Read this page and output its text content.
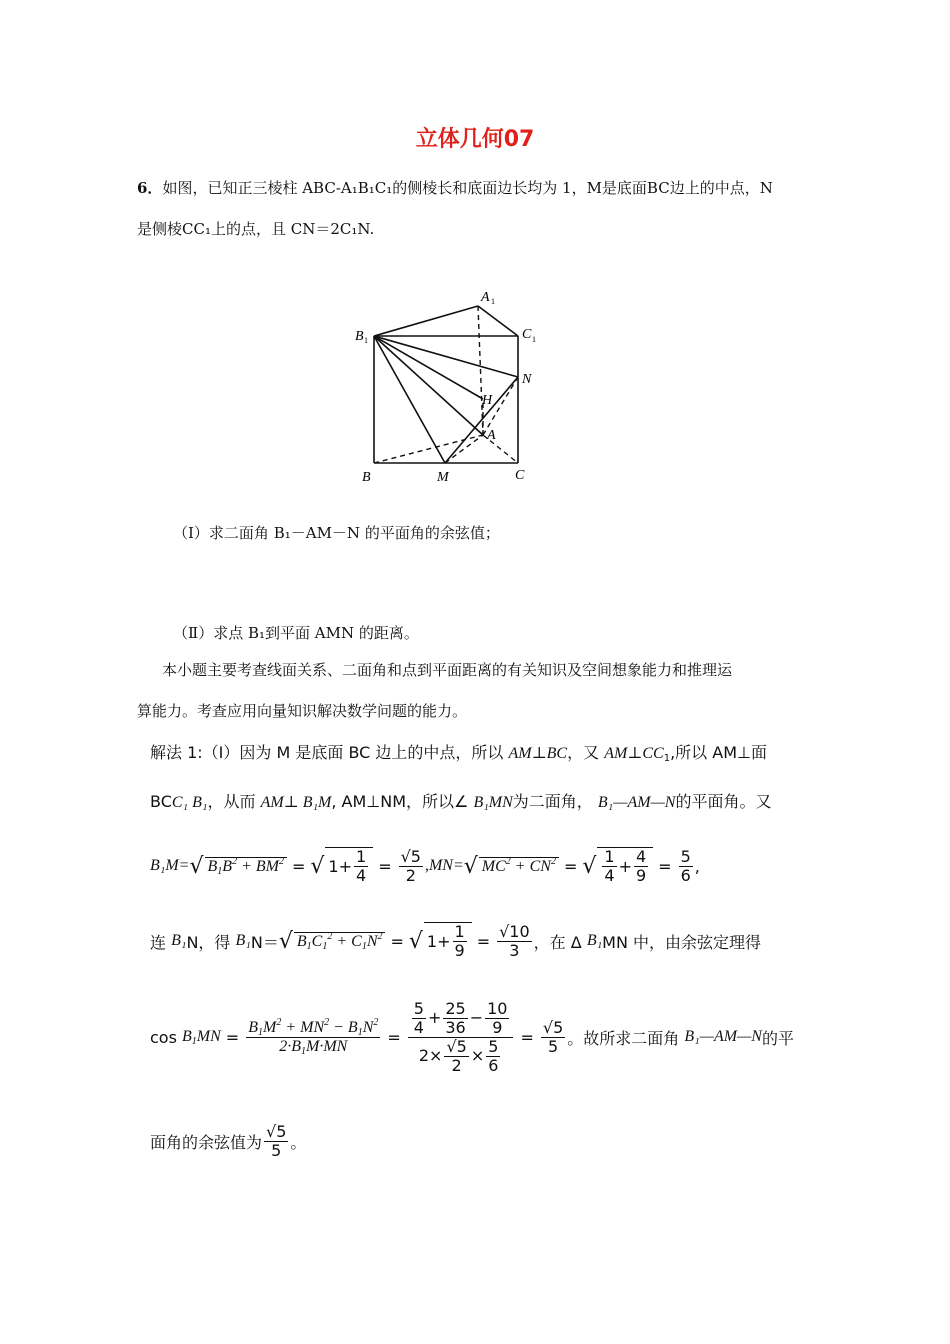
立体几何07
6．如图，已知正三棱柱 ABC-A₁B₁C₁的侧棱长和底面边长均为 1，M是底面BC边上的中点，N
是侧棱CC₁上的点，且 CN＝2C₁N.
A 1
B 1	C 1
N
H
A
B	M	C
（Ⅰ）求二面角 B₁－AM－N 的平面角的余弦值；
（Ⅱ）求点 B₁到平面 AMN 的距离。
本小题主要考查线面关系、二面角和点到平面距离的有关知识及空间想象能力和推理运
算能力。考查应用向量知识解决数学问题的能力。
解法 1:（Ⅰ）因为 M 是底面 BC 边上的中点，所以 AM⊥BC，又 $AM\perp CC_1$,所以 AM⊥面
BCC₁ B₁，从而 AM⊥ B₁M, AM⊥NM，所以∠ B₁MN为二面角， B₁—AM—N的平面角。又
B₁M= √ $B_1B^2 + BM^2$ = √ $1+ \frac{1}{4} = \frac{√5}{2} ,MN=$ √ $MC^2 + CN^2$ = √ $\frac{1}{4} + \frac{4}{9} = \frac{5}{6}$ ,
连
B₁ N，得
B₁ N＝ √ $B_1C_1^2 + C_1N^2$ = √ $1+ \frac{1}{9} = \frac{√10}{3}$ ，在 Δ
B₁ MN 中，由余弦定理得
cos
$B_1MN = \frac{B_1M^2 + MN^2 - B_1N^2}{2\cdot B_1M\cdot MN} = \frac{\frac{5}{4} + \frac{25}{36} - \frac{10}{9}}{2\times \frac{√5}{2} \times \frac{5}{6}} = \frac{√5}{5}$ 。故所求二面角
B₁—AM—N 的平
面角的余弦值为 $\frac{√5}{5}$ 。
